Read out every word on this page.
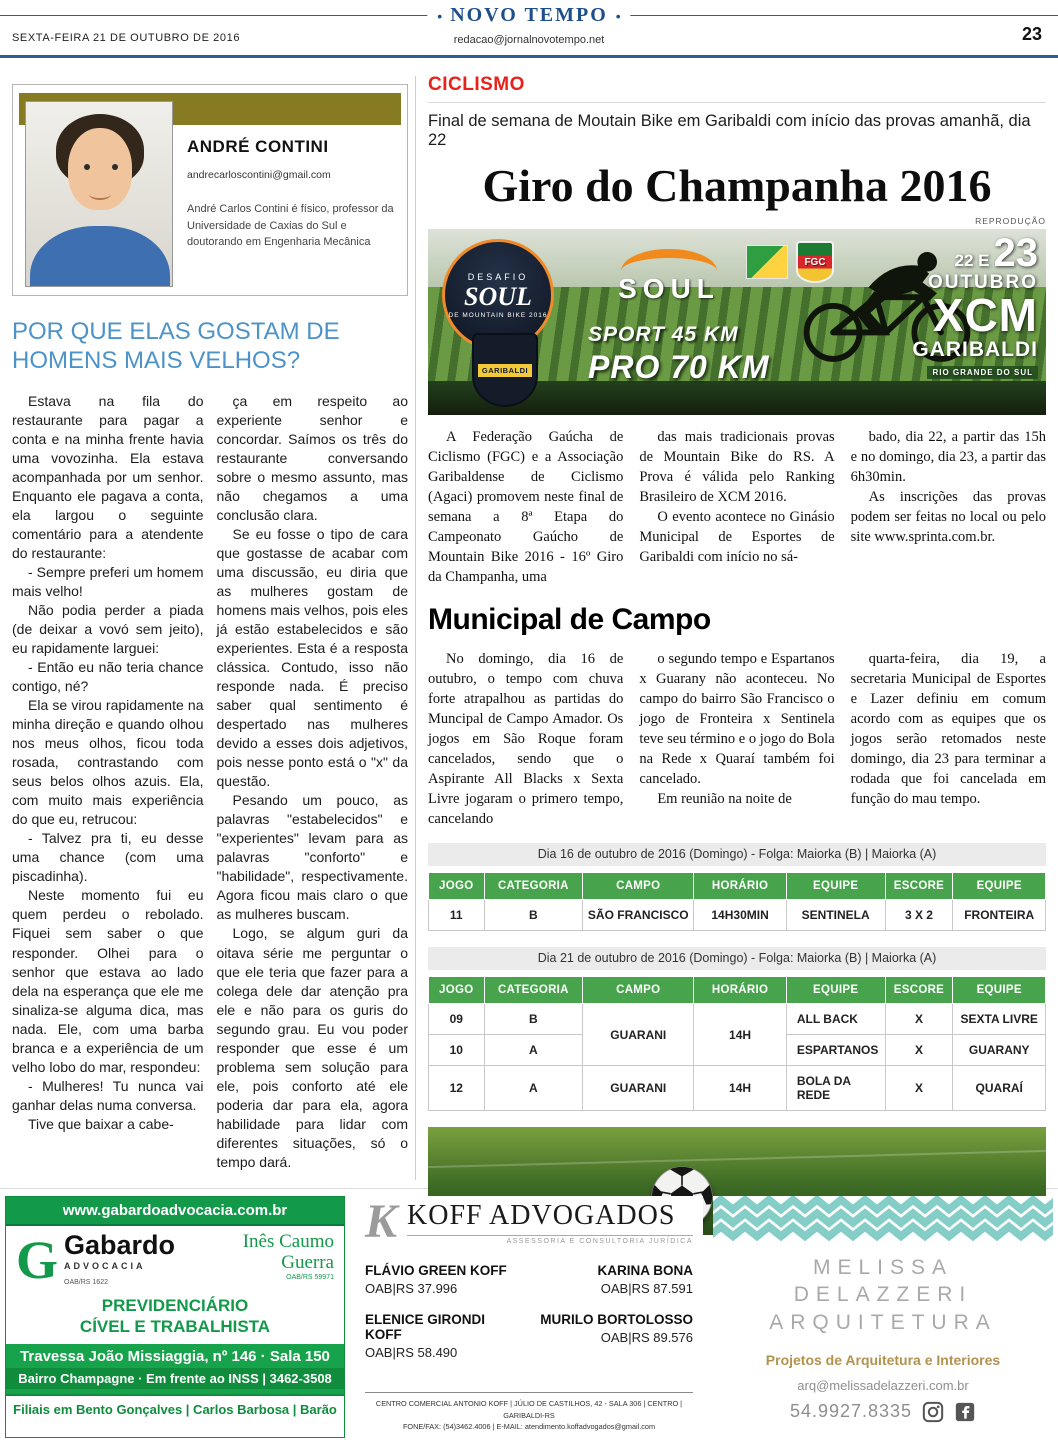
• NOVO TEMPO •
SEXTA-FEIRA 21 DE OUTUBRO DE 2016	redacao@jornalnovotempo.net	23
ANDRÉ CONTINI
andrecarloscontini@gmail.com
André Carlos Contini é físico, professor da Universidade de Caxias do Sul e doutorando em Engenharia Mecânica
POR QUE ELAS GOSTAM DE
HOMENS MAIS VELHOS?

Estava na fila do restaurante para pagar a conta e na minha frente havia uma vovozinha. Ela estava acompanhada por um senhor. Enquanto ele pagava a conta, ela largou o seguinte comentário para a atendente do restaurante:

- Sempre preferi um homem mais velho!

Não podia perder a piada (de deixar a vovó sem jeito), eu rapidamente larguei:

- Então eu não teria chance contigo, né?

Ela se virou rapidamente na minha direção e quando olhou nos meus olhos, ficou toda rosada, contrastando com seus belos olhos azuis. Ela, com muito mais experiência do que eu, retrucou:

- Talvez pra ti, eu desse uma chance (com uma piscadinha).

Neste momento fui eu quem perdeu o rebolado. Fiquei sem saber o que responder. Olhei para o senhor que estava ao lado dela na esperança que ele me sinaliza-se alguma dica, mas nada. Ele, com uma barba branca e a experiência de um velho lobo do mar, respondeu:

- Mulheres! Tu nunca vai ganhar delas numa conversa.

Tive que baixar a cabe-

ça em respeito ao experiente senhor e concordar. Saímos os três do restaurante conversando sobre o mesmo assunto, mas não chegamos a uma conclusão clara.

Se eu fosse o tipo de cara que gostasse de acabar com uma discussão, eu diria que as mulheres gostam de homens mais velhos, pois eles já estão estabelecidos e são experientes. Esta é a resposta clássica. Contudo, isso não responde nada. É preciso saber qual sentimento é despertado nas mulheres devido a esses dois adjetivos, pois nesse ponto está o "x" da questão.

Pesando um pouco, as palavras "estabelecidos" e "experientes" levam para as palavras "conforto" e "habilidade", respectivamente. Agora ficou mais claro o que as mulheres buscam.

Logo, se algum guri da oitava série me perguntar o que ele teria que fazer para a colega dele dar atenção pra ele e não para os guris do segundo grau. Eu vou poder responder que esse é um problema sem solução para ele, pois conforto até ele poderia dar para ela, agora habilidade para lidar com diferentes situações, só o tempo dará.

CICLISMO
Final de semana de Moutain Bike em Garibaldi com início das provas amanhã, dia 22
Giro do Champanha 2016
REPRODUÇÃO
DESAFIO
SOUL
DE MOUNTAIN BIKE 2016
GARIBALDI
SOUL
FGC
SPORT 45 KM
PRO 70 KM
22 E 23
OUTUBRO
XCM
GARIBALDI
RIO GRANDE DO SUL

A Federação Gaúcha de Ciclismo (FGC) e a Associação Garibaldense de Ciclismo (Agaci) promovem neste final de semana a 8ª Etapa do Campeonato Gaúcho de Mountain Bike 2016 - 16º Giro da Champanha, uma

das mais tradicionais provas de Mountain Bike do RS. A Prova é válida pelo Ranking Brasileiro de XCM 2016.

O evento acontece no Ginásio Municipal de Esportes de Garibaldi com início no sá-

bado, dia 22, a partir das 15h e no domingo, dia 23, a partir das 6h30min.

As inscrições das provas podem ser feitas no local ou pelo site www.sprinta.com.br.

Municipal de Campo

No domingo, dia 16 de outubro, o tempo com chuva forte atrapalhou as partidas do Muncipal de Campo Amador. Os jogos em São Roque foram cancelados, sendo que o Aspirante All Blacks x Sexta Livre jogaram o primero tempo, cancelando

o segundo tempo e Espartanos x Guarany não aconteceu. No campo do bairro São Francisco o jogo de Fronteira x Sentinela teve seu término e o jogo do Bola na Rede x Quaraí também foi cancelado.

Em reunião na noite de

quarta-feira, dia 19, a secretaria Municipal de Esportes e Lazer definiu em comum acordo com as equipes que os jogos serão retomados neste domingo, dia 23 para terminar a rodada que foi cancelada em função do mau tempo.

Dia 16 de outubro de 2016 (Domingo) - Folga: Maiorka (B) | Maiorka (A)
JOGO	CATEGORIA	CAMPO	HORÁRIO	EQUIPE	ESCORE	EQUIPE
11	B	SÃO FRANCISCO	14H30MIN	SENTINELA	3 X 2	FRONTEIRA
Dia 21 de outubro de 2016 (Domingo) - Folga: Maiorka (B) | Maiorka (A)
JOGO	CATEGORIA	CAMPO	HORÁRIO	EQUIPE	ESCORE	EQUIPE
09	B	GUARANI	14H	ALL BACK	X	SEXTA LIVRE
10	A			ESPARTANOS	X	GUARANY
12	A	GUARANI	14H	BOLA DA REDE	X	QUARAÍ
www.gabardoadvocacia.com.br
G Gabardo
ADVOCACIA
OAB/RS 1622
Inês Caumo
Guerra
OAB/RS 59971
PREVIDENCIÁRIO
CÍVEL E TRABALHISTA
Travessa João Missiaggia, nº 146 · Sala 150
Bairro Champagne · Em frente ao INSS | 3462-3508
Filiais em Bento Gonçalves | Carlos Barbosa | Barão
K KOFF ADVOGADOS
ASSESSORIA E CONSULTORIA JURÍDICA
FLÁVIO GREEN KOFF
OAB|RS 37.996
KARINA BONA
OAB|RS 87.591
ELENICE GIRONDI KOFF
OAB|RS 58.490
MURILO BORTOLOSSO
OAB|RS 89.576
CENTRO COMERCIAL ANTONIO KOFF | JÚLIO DE CASTILHOS, 42 - SALA 306 | CENTRO | GARIBALDI-RS
FONE/FAX: (54)3462.4006 | E-MAIL: atendimento.koffadvogados@gmail.com
MELISSA
DELAZZERI
ARQUITETURA
Projetos de Arquitetura e Interiores
arq@melissadelazzeri.com.br
54.9927.8335
